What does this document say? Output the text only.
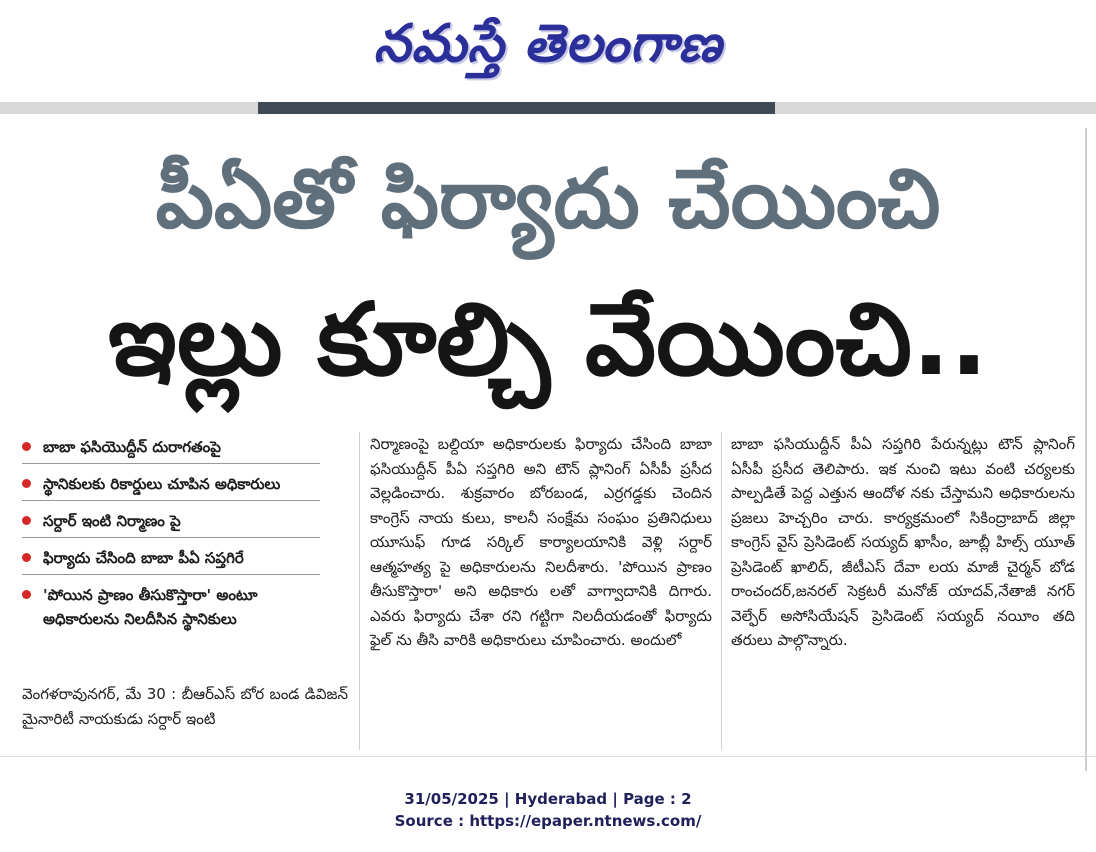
నమస్తే తెలంగాణ
పీఏతో ఫిర్యాదు చేయించి
ఇల్లు కూల్చి వేయించి..
బాబా ఫసియొద్దీన్ దురాగతంపై
స్థానికులకు రికార్డులు చూపిన అధికారులు
సర్దార్ ఇంటి నిర్మాణం పై
ఫిర్యాదు చేసింది బాబా పీఏ సప్తగిరే
'పోయిన ప్రాణం తీసుకొస్తారా' అంటూ అధికారులను నిలదీసిన స్థానికులు
వెంగళరావునగర్, మే 30 : బీఆర్ఎస్ బోర బండ డివిజన్ మైనారిటీ నాయకుడు సర్దార్ ఇంటి
నిర్మాణంపై బల్దియా అధికారులకు ఫిర్యాదు చేసింది బాబా ఫసియుద్దీన్ పీఏ సప్తగిరి అని టౌన్ ప్లానింగ్ ఏసీపీ ప్రసీద వెల్లడించారు. శుక్రవారం బోరబండ, ఎర్రగడ్డకు చెందిన కాంగ్రెస్ నాయ కులు, కాలనీ సంక్షేమ సంఘం ప్రతినిధులు యూసుఫ్ గూడ సర్కిల్ కార్యాలయానికి వెళ్లి సర్దార్ ఆత్మహత్య పై అధికారులను నిలదీశారు. 'పోయిన ప్రాణం తీసుకొస్తారా' అని అధికారు లతో వాగ్వాదానికి దిగారు. ఎవరు ఫిర్యాదు చేశా రని గట్టిగా నిలదీయడంతో ఫిర్యాదు ఫైల్ ను తీసి వారికి అధికారులు చూపించారు. అందులో
బాబా ఫసియుద్దీన్ పీఏ సప్తగిరి పేరున్నట్లు టౌన్ ప్లానింగ్ ఏసీపీ ప్రసీద తెలిపారు. ఇక నుంచి ఇటు వంటి చర్యలకు పాల్పడితే పెద్ద ఎత్తున ఆందోళ నకు చేస్తామని అధికారులను ప్రజలు హెచ్చరిం చారు. కార్యక్రమంలో సికింద్రాబాద్ జిల్లా కాంగ్రెస్ వైస్ ప్రెసిడెంట్ సయ్యద్ ఖాసీం, జూబ్లీ హిల్స్ యూత్ ప్రెసిడెంట్ ఖాలిద్, జీటీఎస్ దేవా లయ మాజీ చైర్మన్ బోడ రాంచందర్,జనరల్ సెక్రటరీ మనోజ్ యాదవ్,నేతాజీ నగర్ వెల్ఫేర్ అసోసియేషన్ ప్రెసిడెంట్ సయ్యద్ నయీం తది తరులు పాల్గొన్నారు.
31/05/2025 | Hyderabad | Page : 2
Source : https://epaper.ntnews.com/
